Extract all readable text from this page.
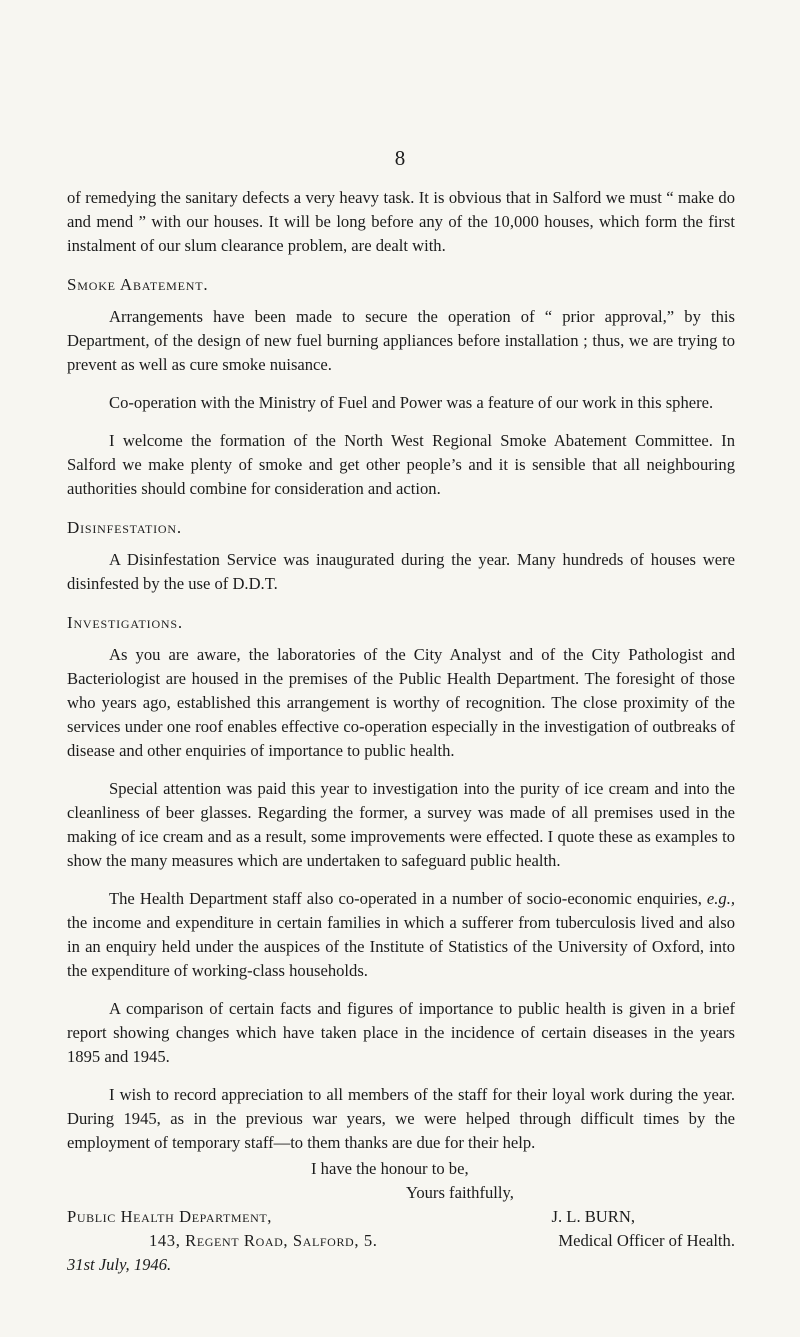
8

of remedying the sanitary defects a very heavy task. It is obvious that in Salford we must “ make do and mend ” with our houses. It will be long before any of the 10,000 houses, which form the first instalment of our slum clearance problem, are dealt with.

Smoke Abatement.

Arrangements have been made to secure the operation of “ prior approval,” by this Department, of the design of new fuel burning appliances before installation ; thus, we are trying to prevent as well as cure smoke nuisance.

Co-operation with the Ministry of Fuel and Power was a feature of our work in this sphere.

I welcome the formation of the North West Regional Smoke Abatement Committee. In Salford we make plenty of smoke and get other people’s and it is sensible that all neighbouring authorities should combine for consideration and action.

Disinfestation.

A Disinfestation Service was inaugurated during the year. Many hundreds of houses were disinfested by the use of D.D.T.

Investigations.

As you are aware, the laboratories of the City Analyst and of the City Pathologist and Bacteriologist are housed in the premises of the Public Health Department. The foresight of those who years ago, established this arrangement is worthy of recognition. The close proximity of the services under one roof enables effective co-operation especially in the investigation of outbreaks of disease and other enquiries of importance to public health.

Special attention was paid this year to investigation into the purity of ice cream and into the cleanliness of beer glasses. Regarding the former, a survey was made of all premises used in the making of ice cream and as a result, some improvements were effected. I quote these as examples to show the many measures which are undertaken to safeguard public health.

The Health Department staff also co-operated in a number of socio-economic enquiries, e.g., the income and expenditure in certain families in which a sufferer from tuberculosis lived and also in an enquiry held under the auspices of the Institute of Statistics of the University of Oxford, into the expenditure of working-class households.

A comparison of certain facts and figures of importance to public health is given in a brief report showing changes which have taken place in the incidence of certain diseases in the years 1895 and 1945.

I wish to record appreciation to all members of the staff for their loyal work during the year. During 1945, as in the previous war years, we were helped through difficult times by the employment of temporary staff—to them thanks are due for their help.

I have the honour to be,

Yours faithfully,

Public Health Department,	J. L. BURN,
143, Regent Road, Salford, 5.	Medical Officer of Health.

31st July, 1946.
